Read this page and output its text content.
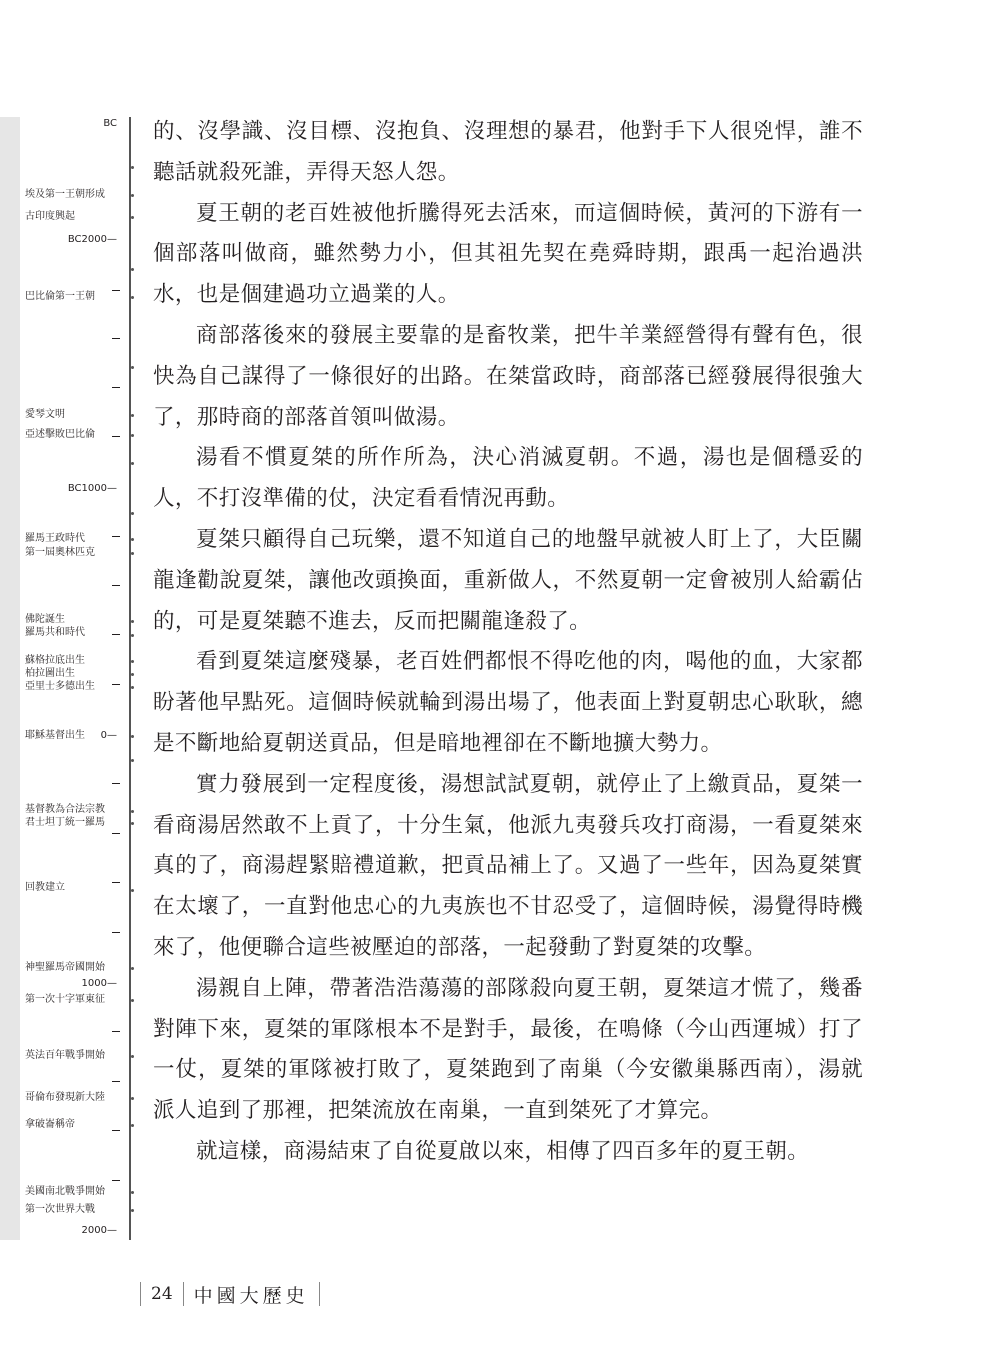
埃及第一王朝形成
古印度興起
巴比倫第一王朝
愛琴文明
亞述擊敗巴比倫
羅馬王政時代
第一屆奧林匹克
佛陀誕生
羅馬共和時代
蘇格拉底出生
柏拉圖出生
亞里士多德出生
耶穌基督出生
基督教為合法宗教
君士坦丁統一羅馬
回教建立
神聖羅馬帝國開始
第一次十字軍東征
英法百年戰爭開始
哥倫布發現新大陸
拿破崙稱帝
美國南北戰爭開始
第一次世界大戰
BC
BC2000—
BC1000—
0—
1000—
2000—

的、沒學識、沒目標、沒抱負、沒理想的暴君，他對手下人很兇悍，誰不聽話就殺死誰，弄得天怒人怨。

夏王朝的老百姓被他折騰得死去活來，而這個時候，黃河的下游有一個部落叫做商，雖然勢力小，但其祖先契在堯舜時期，跟禹一起治過洪水，也是個建過功立過業的人。

商部落後來的發展主要靠的是畜牧業，把牛羊業經營得有聲有色，很快為自己謀得了一條很好的出路。在桀當政時，商部落已經發展得很強大了，那時商的部落首領叫做湯。

湯看不慣夏桀的所作所為，決心消滅夏朝。不過，湯也是個穩妥的人，不打沒準備的仗，決定看看情況再動。

夏桀只顧得自己玩樂，還不知道自己的地盤早就被人盯上了，大臣關龍逢勸說夏桀，讓他改頭換面，重新做人，不然夏朝一定會被別人給霸佔的，可是夏桀聽不進去，反而把關龍逢殺了。

看到夏桀這麼殘暴，老百姓們都恨不得吃他的肉，喝他的血，大家都盼著他早點死。這個時候就輪到湯出場了，他表面上對夏朝忠心耿耿，總是不斷地給夏朝送貢品，但是暗地裡卻在不斷地擴大勢力。

實力發展到一定程度後，湯想試試夏朝，就停止了上繳貢品，夏桀一看商湯居然敢不上貢了，十分生氣，他派九夷發兵攻打商湯，一看夏桀來真的了，商湯趕緊賠禮道歉，把貢品補上了。又過了一些年，因為夏桀實在太壞了，一直對他忠心的九夷族也不甘忍受了，這個時候，湯覺得時機來了，他便聯合這些被壓迫的部落，一起發動了對夏桀的攻擊。

湯親自上陣，帶著浩浩蕩蕩的部隊殺向夏王朝，夏桀這才慌了，幾番對陣下來，夏桀的軍隊根本不是對手，最後，在鳴條（今山西運城）打了一仗，夏桀的軍隊被打敗了，夏桀跑到了南巢（今安徽巢縣西南），湯就派人追到了那裡，把桀流放在南巢，一直到桀死了才算完。

就這樣，商湯結束了自從夏啟以來，相傳了四百多年的夏王朝。

24 中國大歷史
